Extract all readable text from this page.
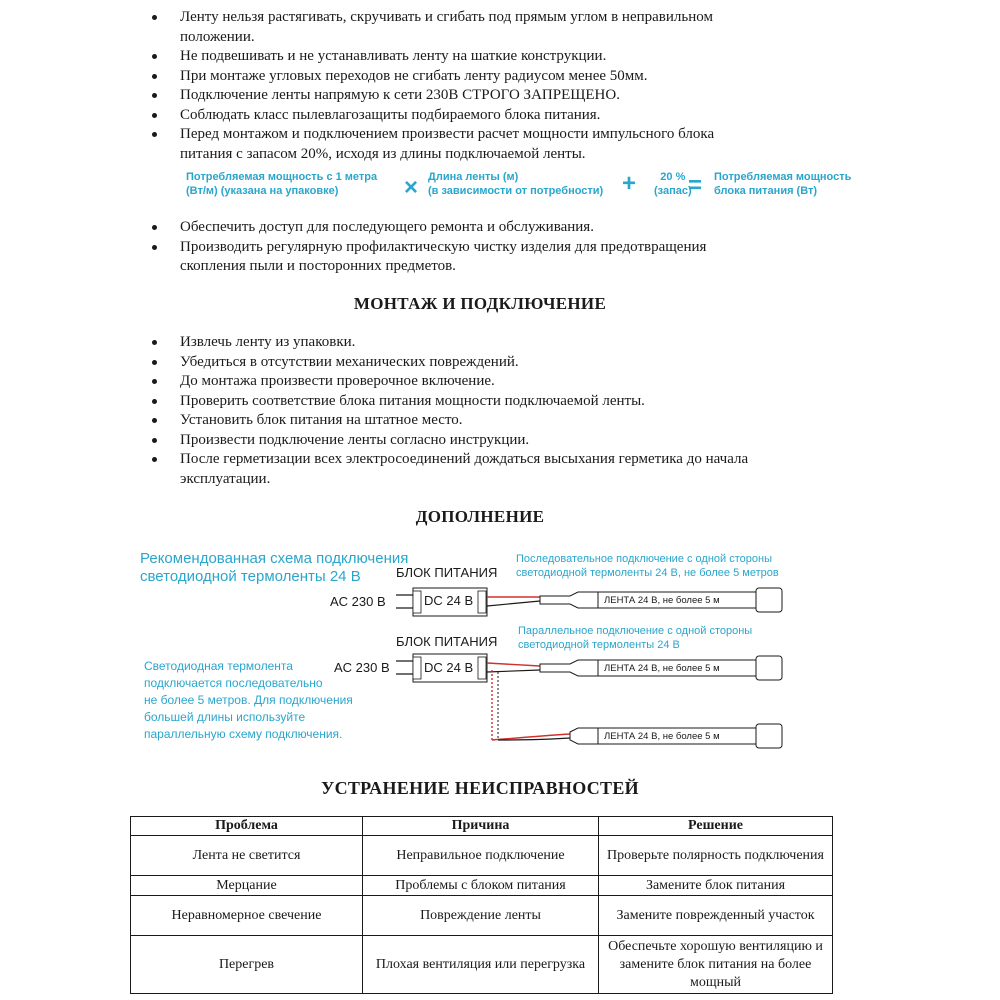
Ленту нельзя растягивать, скручивать и сгибать под прямым углом в неправильном
положении.
Не подвешивать и не устанавливать ленту на шаткие конструкции.
При монтаже угловых переходов не сгибать ленту радиусом менее 50мм.
Подключение ленты напрямую к сети 230В СТРОГО ЗАПРЕЩЕНО.
Соблюдать класс пылевлагозащиты подбираемого блока питания.
Перед монтажом и подключением произвести расчет мощности импульсного блока
питания с запасом 20%, исходя из длины подключаемой ленты.
Потребляемая мощность с 1 метра
(Вт/м) (указана на упаковке)	× Длина ленты (м)
(в зависимости от потребности) +	20 %
(запас)
= Потребляемая мощность
блока питания (Вт)
Обеспечить доступ для последующего ремонта и обслуживания.
Производить регулярную профилактическую чистку изделия для предотвращения
скопления пыли и посторонних предметов.
МОНТАЖ И ПОДКЛЮЧЕНИЕ
Извлечь ленту из упаковки.
Убедиться в отсутствии механических повреждений.
До монтажа произвести проверочное включение.
Проверить соответствие блока питания мощности подключаемой ленты.
Установить блок питания на штатное место.
Произвести подключение ленты согласно инструкции.
После герметизации всех электросоединений дождаться высыхания герметика до начала
эксплуатации.
ДОПОЛНЕНИЕ
Рекомендованная схема подключения
светодиодной термоленты 24 В	БЛОК ПИТАНИЯ
AC 230 В	DC 24 В
Последовательное подключение с одной стороны
светодиодной термоленты 24 В, не более 5 метров
ЛЕНТА 24 В, не более 5 м
БЛОК ПИТАНИЯ
AC 230 В	DC 24 В
Параллельное подключение с одной стороны
светодиодной термоленты 24 В
ЛЕНТА 24 В, не более 5 м
ЛЕНТА 24 В, не более 5 м
Светодиодная термолента
подключается последовательно
не более 5 метров. Для подключения
большей длины используйте
параллельную схему подключения.
УСТРАНЕНИЕ НЕИСПРАВНОСТЕЙ
Проблема	Причина	Решение
Лента не светится	Неправильное подключение	Проверьте полярность подключения
Мерцание	Проблемы с блоком питания	Замените блок питания
Неравномерное свечение	Повреждение ленты	Замените поврежденный участок
Перегрев	Плохая вентиляция или перегрузка	Обеспечьте хорошую вентиляцию и замените блок питания на более мощный
